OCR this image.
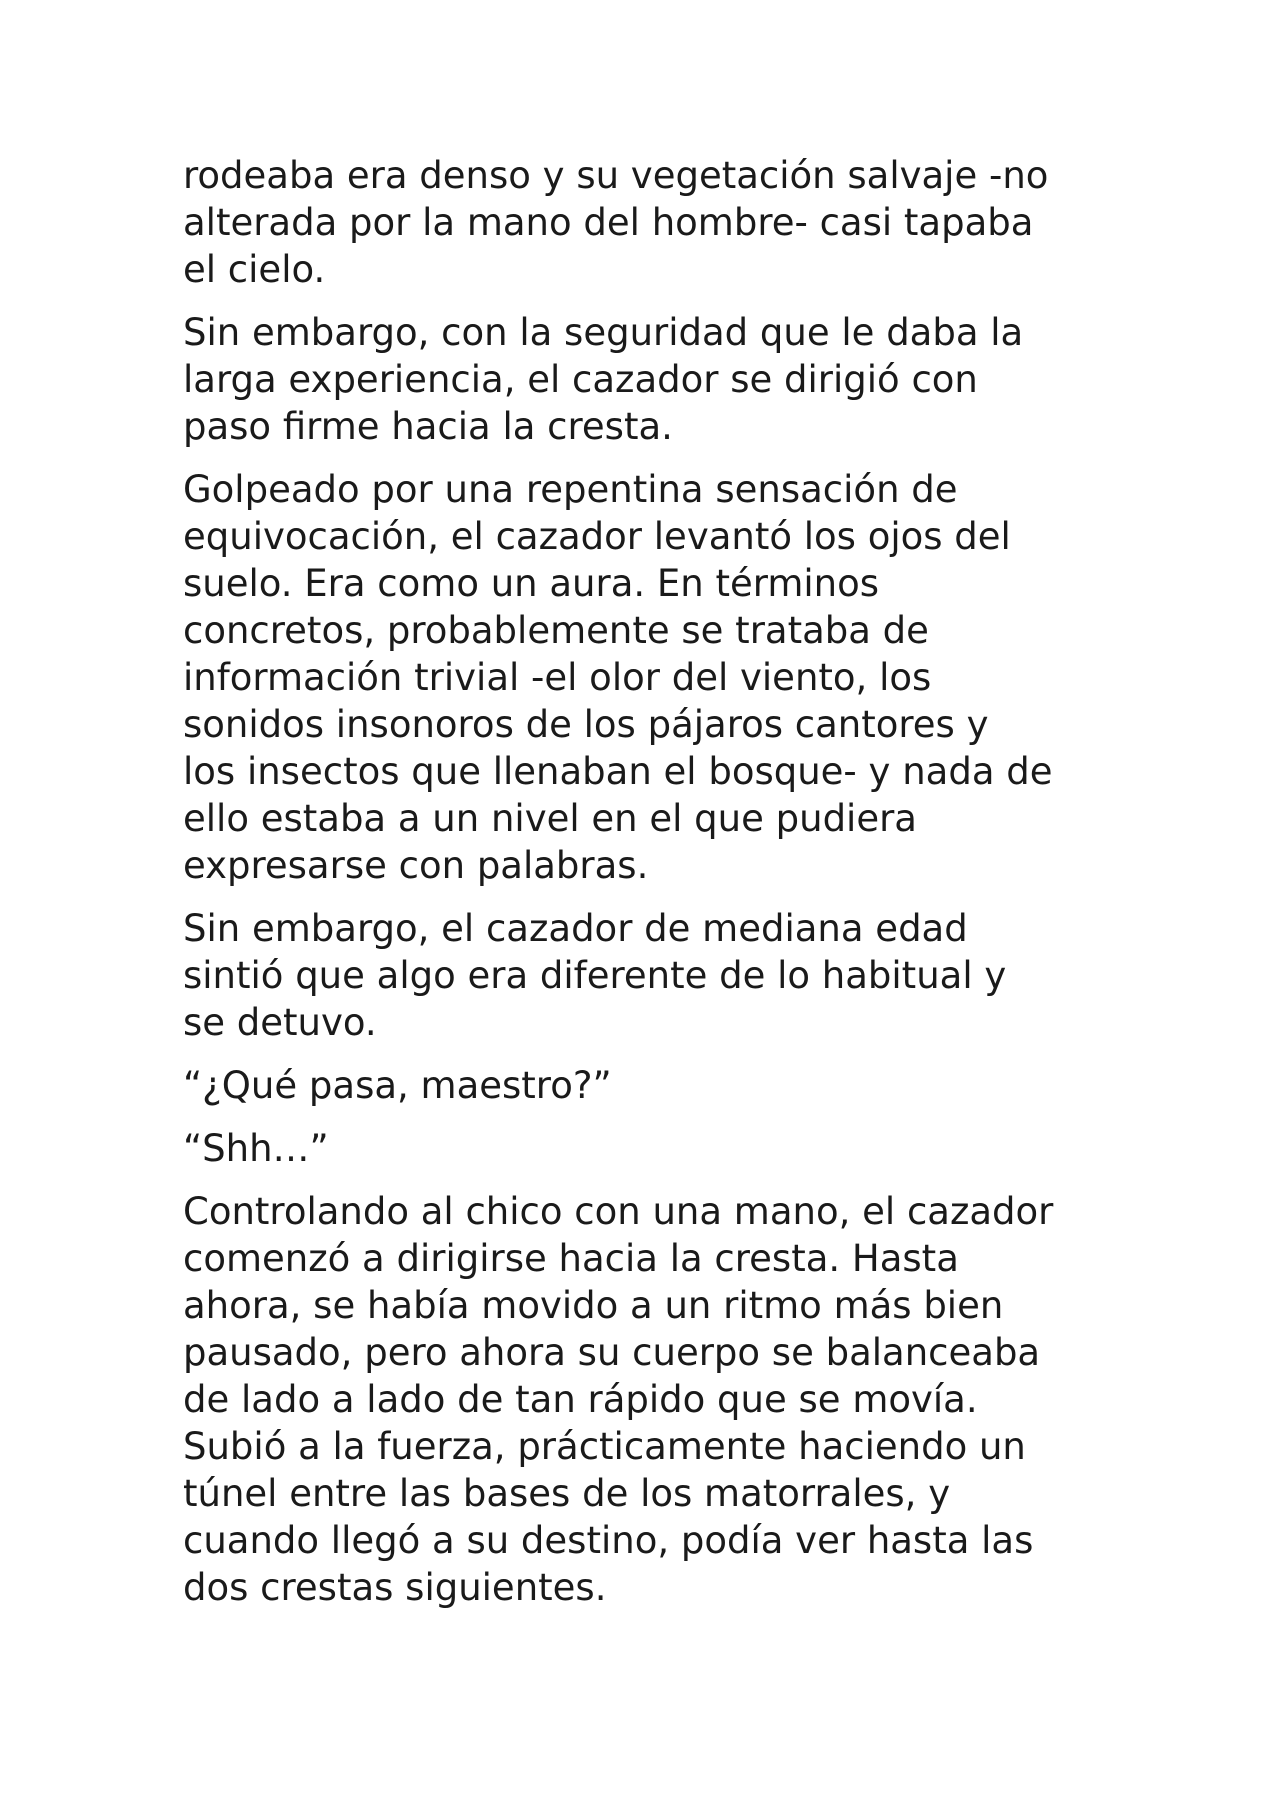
rodeaba era denso y su vegetación salvaje -no
alterada por la mano del hombre- casi tapaba
el cielo.

Sin embargo, con la seguridad que le daba la
larga experiencia, el cazador se dirigió con
paso firme hacia la cresta.

Golpeado por una repentina sensación de
equivocación, el cazador levantó los ojos del
suelo. Era como un aura. En términos
concretos, probablemente se trataba de
información trivial -el olor del viento, los
sonidos insonoros de los pájaros cantores y
los insectos que llenaban el bosque- y nada de
ello estaba a un nivel en el que pudiera
expresarse con palabras.

Sin embargo, el cazador de mediana edad
sintió que algo era diferente de lo habitual y
se detuvo.

“¿Qué pasa, maestro?”

“Shh…”

Controlando al chico con una mano, el cazador
comenzó a dirigirse hacia la cresta. Hasta
ahora, se había movido a un ritmo más bien
pausado, pero ahora su cuerpo se balanceaba
de lado a lado de tan rápido que se movía.
Subió a la fuerza, prácticamente haciendo un
túnel entre las bases de los matorrales, y
cuando llegó a su destino, podía ver hasta las
dos crestas siguientes.
